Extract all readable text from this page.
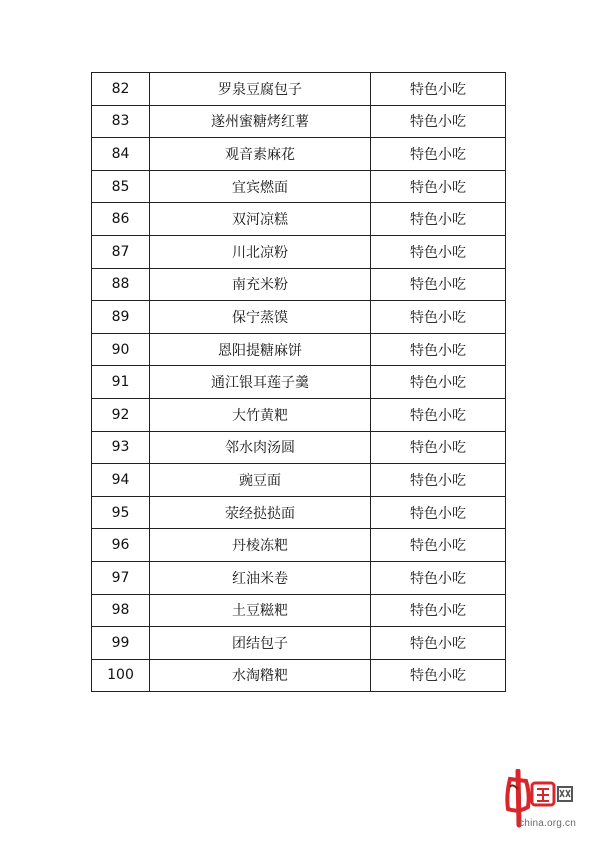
82	罗泉豆腐包子	特色小吃
83	遂州蜜糖烤红薯	特色小吃
84	观音素麻花	特色小吃
85	宜宾燃面	特色小吃
86	双河凉糕	特色小吃
87	川北凉粉	特色小吃
88	南充米粉	特色小吃
89	保宁蒸馍	特色小吃
90	恩阳提糖麻饼	特色小吃
91	通江银耳莲子羹	特色小吃
92	大竹黄粑	特色小吃
93	邻水肉汤圆	特色小吃
94	豌豆面	特色小吃
95	荥经挞挞面	特色小吃
96	丹棱冻粑	特色小吃
97	红油米卷	特色小吃
98	土豆糍粑	特色小吃
99	团结包子	特色小吃
100	水淘糌粑	特色小吃
china.org.cn
